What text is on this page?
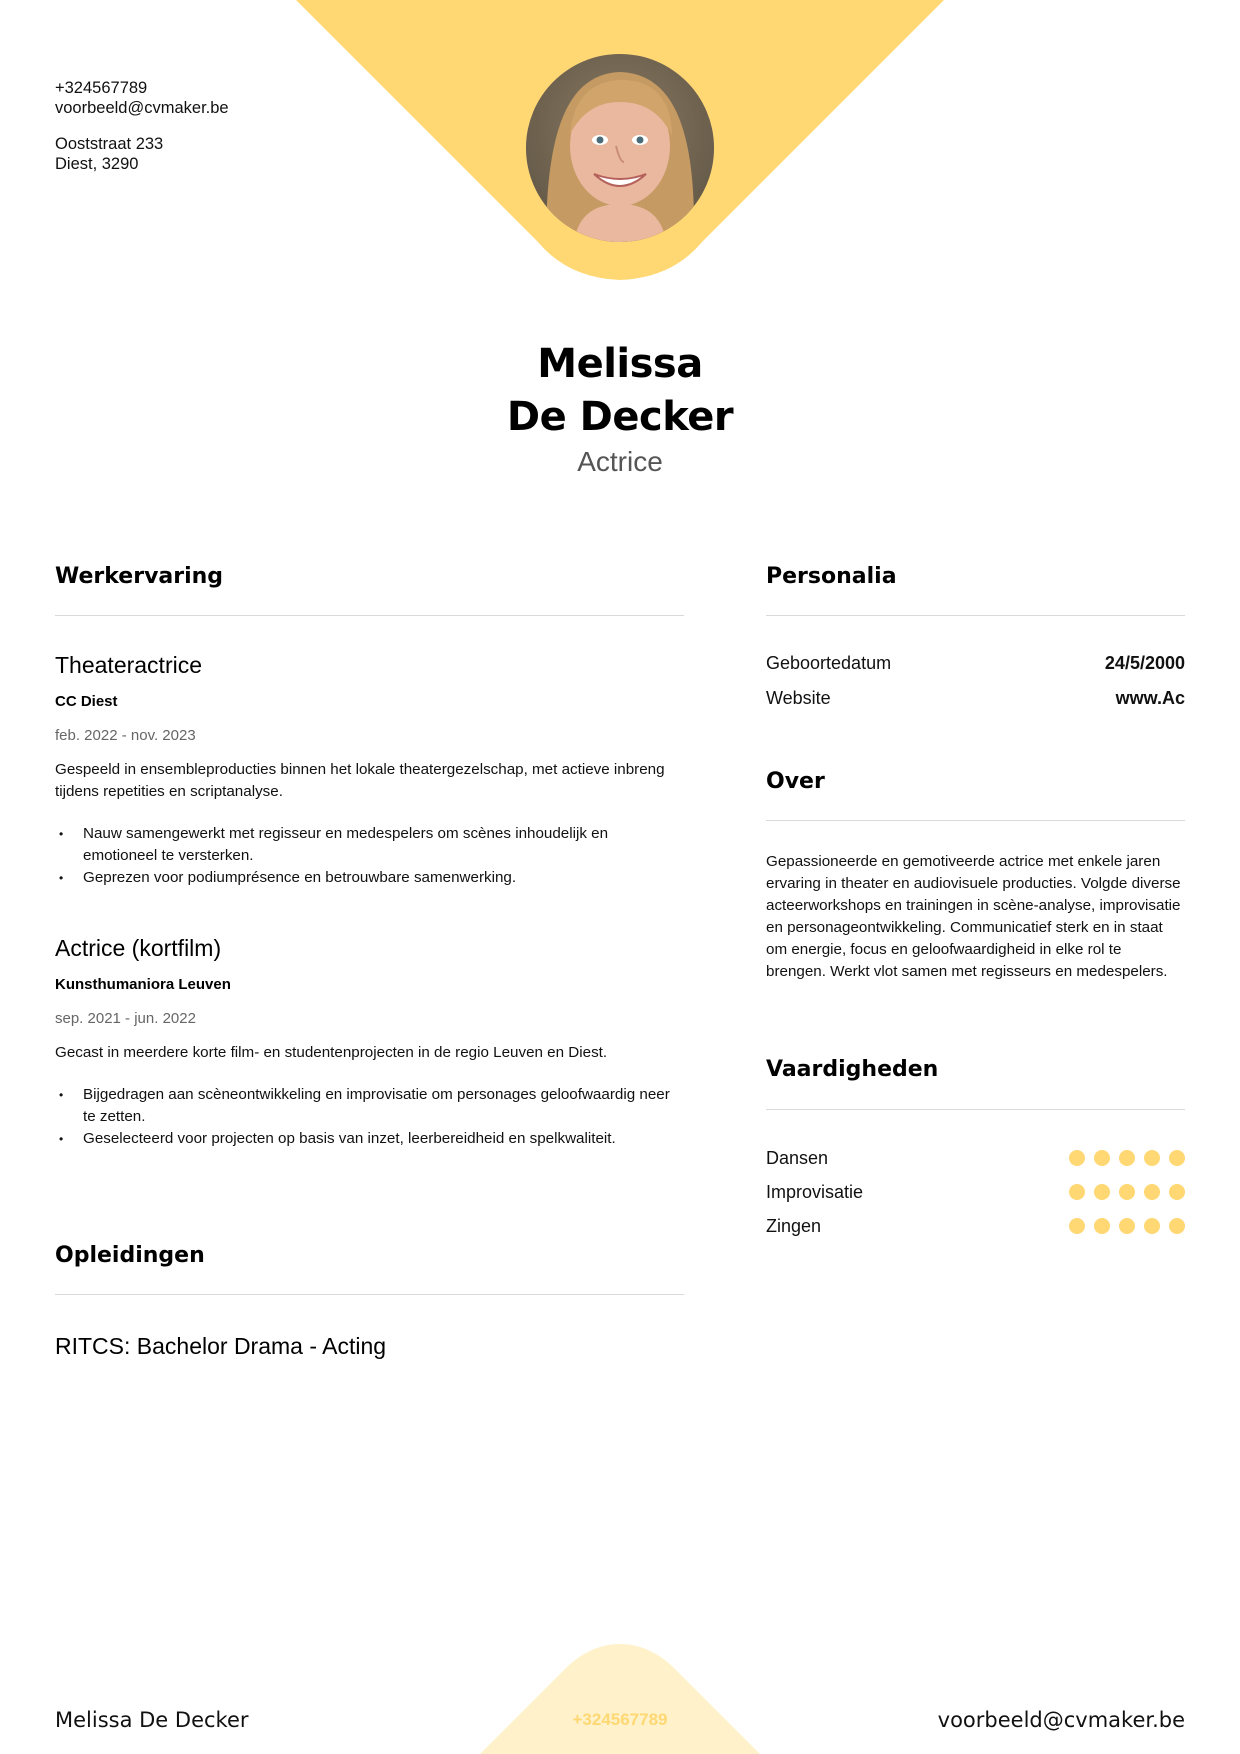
+324567789
voorbeeld@cvmaker.be
Ooststraat 233
Diest, 3290
Melissa
De Decker
Actrice
Werkervaring
Theateractrice
CC Diest
feb. 2022 - nov. 2023
Gespeeld in ensembleproducties binnen het lokale theatergezelschap, met actieve inbreng tijdens repetities en scriptanalyse.
• Nauw samengewerkt met regisseur en medespelers om scènes inhoudelijk en emotioneel te versterken.
• Geprezen voor podiumprésence en betrouwbare samenwerking.
Actrice (kortfilm)
Kunsthumaniora Leuven
sep. 2021 - jun. 2022
Gecast in meerdere korte film- en studentenprojecten in de regio Leuven en Diest.
• Bijgedragen aan scèneontwikkeling en improvisatie om personages geloofwaardig neer te zetten.
• Geselecteerd voor projecten op basis van inzet, leerbereidheid en spelkwaliteit.
Opleidingen
RITCS: Bachelor Drama - Acting
Personalia
Geboortedatum	24/5/2000
Website	www.Ac
Over
Gepassioneerde en gemotiveerde actrice met enkele jaren ervaring in theater en audiovisuele producties. Volgde diverse acteerworkshops en trainingen in scène-analyse, improvisatie en personageontwikkeling. Communicatief sterk en in staat om energie, focus en geloofwaardigheid in elke rol te brengen. Werkt vlot samen met regisseurs en medespelers.
Vaardigheden
Dansen
Improvisatie
Zingen
Melissa De Decker	+324567789	voorbeeld@cvmaker.be
